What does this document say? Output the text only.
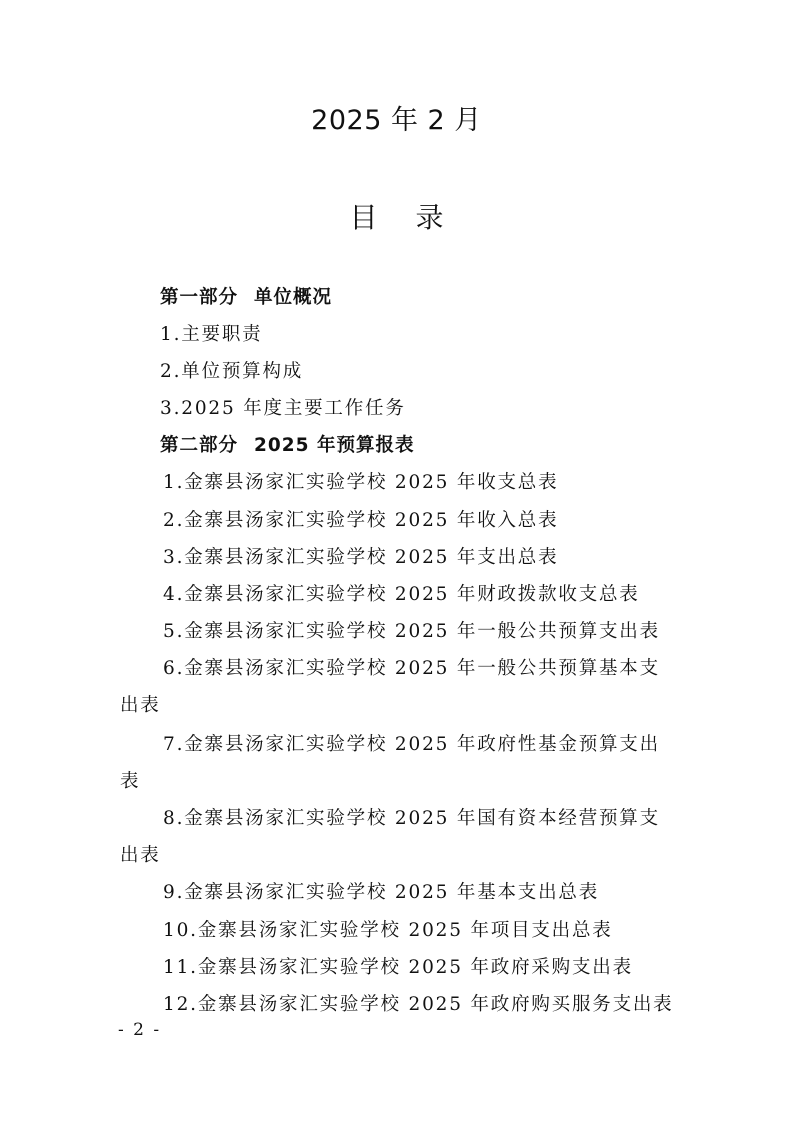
2025 年 2 月
目录
第一部分 单位概况
1.主要职责
2.单位预算构成
3.2025 年度主要工作任务
第二部分 2025 年预算报表
1.金寨县汤家汇实验学校 2025 年收支总表
2.金寨县汤家汇实验学校 2025 年收入总表
3.金寨县汤家汇实验学校 2025 年支出总表
4.金寨县汤家汇实验学校 2025 年财政拨款收支总表
5.金寨县汤家汇实验学校 2025 年一般公共预算支出表
6.金寨县汤家汇实验学校 2025 年一般公共预算基本支
出表
7.金寨县汤家汇实验学校 2025 年政府性基金预算支出
表
8.金寨县汤家汇实验学校 2025 年国有资本经营预算支
出表
9.金寨县汤家汇实验学校 2025 年基本支出总表
10.金寨县汤家汇实验学校 2025 年项目支出总表
11.金寨县汤家汇实验学校 2025 年政府采购支出表
12.金寨县汤家汇实验学校 2025 年政府购买服务支出表
- 2 -
